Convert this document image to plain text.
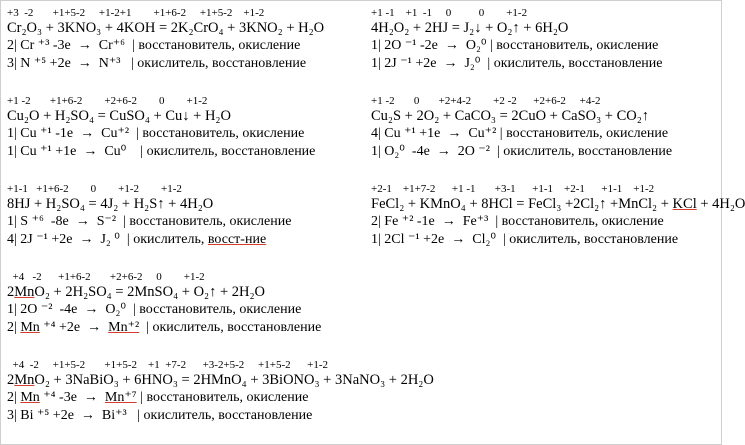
+3  -2       +1+5-2     +1-2+1        +1+6-2     +1+5-2    +1-2
Cr₂O₃ + 3KNO₃ + 4KOH = 2K₂CrO₄ + 3KNO₂ + H₂O
2| Cr ⁺³ -3e  →  Cr⁺⁶  | восстановитель, окисление
3| N ⁺⁵ +2e  →  N⁺³   | окислитель, восстановление
+1 -2       +1+6-2        +2+6-2        0        +1-2
Cu₂O + H₂SO₄ = CuSO₄ + Cu↓ + H₂O
1| Cu ⁺¹ -1e  →  Cu⁺²  | восстановитель, окисление
1| Cu ⁺¹ +1e  →  Cu⁰    | окислитель, восстановление
+1-1   +1+6-2        0        +1-2        +1-2
8HJ + H₂SO₄ = 4J₂ + H₂S↑ + 4H₂O
1| S ⁺⁶  -8e  →  S⁻²  | восстановитель, окисление
4| 2J ⁻¹ +2e  →  J₂ ⁰  | окислитель, восст-ние
+4   -2      +1+6-2       +2+6-2     0        +1-2
2MnO₂ + 2H₂SO₄ = 2MnSO₄ + O₂↑ + 2H₂O
1| 2O ⁻²  -4e  →  O₂⁰  | восстановитель, окисление
2| Mn ⁺⁴ +2e  →  Mn⁺²  | окислитель, восстановление
+4  -2     +1+5-2       +1+5-2    +1  +7-2      +3-2+5-2     +1+5-2      +1-2
2MnO₂ + 3NaBiO₃ + 6HNO₃ = 2HMnO₄ + 3BiONO₃ + 3NaNO₃ + 2H₂O
2| Mn ⁺⁴ -3e  →  Mn⁺⁷ | восстановитель, окисление
3| Bi ⁺⁵ +2e  →  Bi⁺³   | окислитель, восстановление
+1 -1    +1  -1     0          0        +1-2
4H₂O₂ + 2HJ = J₂↓ + O₂↑ + 6H₂O
1| 2O ⁻¹ -2e  →  O₂⁰ | восстановитель, окисление
1| 2J ⁻¹ +2e  →  J₂⁰  | окислитель, восстановление
+1 -2       0       +2+4-2        +2 -2      +2+6-2     +4-2
Cu₂S + 2O₂ + CaCO₃ = 2CuO + CaSO₃ + CO₂↑
4| Cu ⁺¹ +1e  →  Cu⁺² | восстановитель, окисление
1| O₂⁰  -4e  →  2O ⁻²  | окислитель, восстановление
+2-1    +1+7-2      +1 -1       +3-1      +1-1    +2-1      +1-1    +1-2
FeCl₂ + KMnO₄ + 8HCl = FeCl₃ +2Cl₂↑ +MnCl₂ + KCl + 4H₂O
2| Fe ⁺² -1e  →  Fe⁺³  | восстановитель, окисление
1| 2Cl ⁻¹ +2e  →  Cl₂⁰  | окислитель, восстановление
